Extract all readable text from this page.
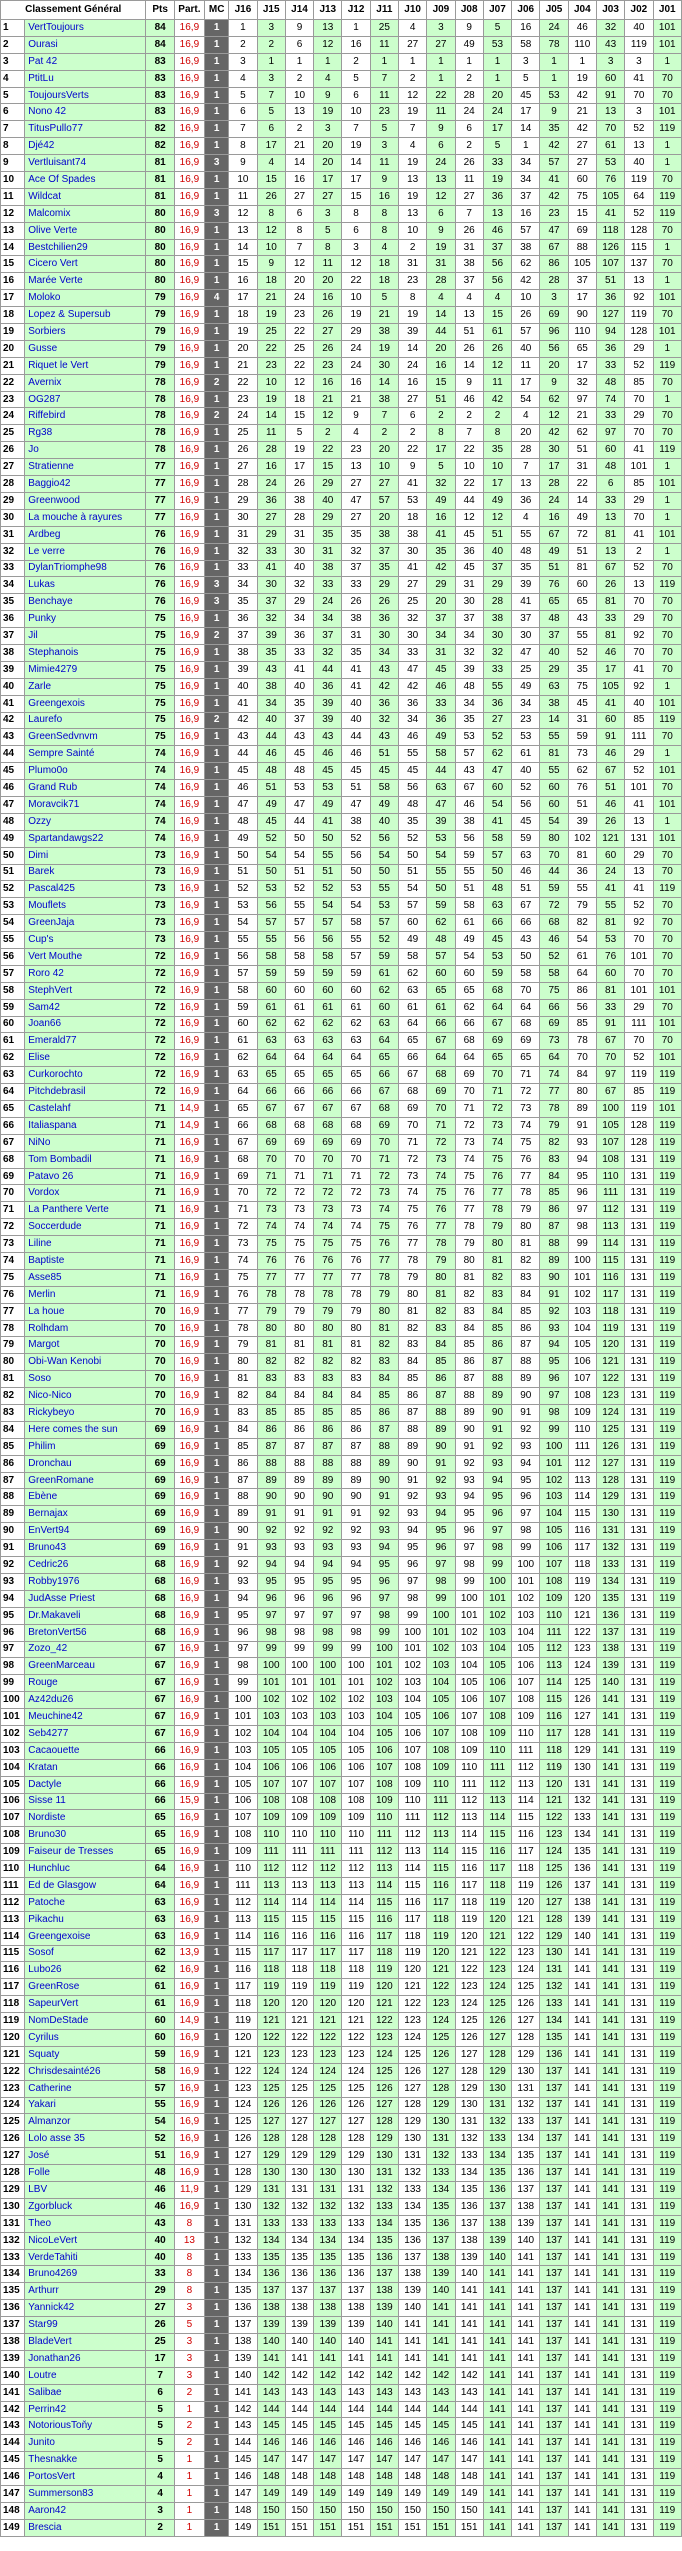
Classement Général		Pts	Part.	MC	J16	J15	J14	J13	J12	J11	J10	J09	J08	J07	J06	J05	J04	J03	J02	J01
1	VertToujours	84	16,9	1	1	3	9	13	1	25	4	3	9	5	16	24	46	32	40	101
2	Ourasi	84	16,9	1	2	2	6	12	16	11	27	27	49	53	58	78	110	43	119	101
3	Pat 42	83	16,9	1	3	1	1	1	2	1	1	1	1	1	3	1	1	3	3	1
4	PtitLu	83	16,9	1	4	3	2	4	5	7	2	1	2	1	5	1	19	60	41	70
5	ToujoursVerts	83	16,9	1	5	7	10	9	6	11	12	22	28	20	45	53	42	91	70	70
6	Nono 42	83	16,9	1	6	5	13	19	10	23	19	11	24	24	17	9	21	13	3	101
7	TitusPullo77	82	16,9	1	7	6	2	3	7	5	7	9	6	17	14	35	42	70	52	119
8	Djé42	82	16,9	1	8	17	21	20	19	3	4	6	2	5	1	42	27	61	13	1
9	Vertluisant74	81	16,9	3	9	4	14	20	14	11	19	24	26	33	34	57	27	53	40	1
10	Ace Of Spades	81	16,9	1	10	15	16	17	17	9	13	13	11	19	34	41	60	76	119	70
11	Wildcat	81	16,9	1	11	26	27	27	15	16	19	12	27	36	37	42	75	105	64	119
12	Malcomix	80	16,9	3	12	8	6	3	8	8	13	6	7	13	16	23	15	41	52	119
13	Olive Verte	80	16,9	1	13	12	8	5	6	8	10	9	26	46	57	47	69	118	128	70
14	Bestchilien29	80	16,9	1	14	10	7	8	3	4	2	19	31	37	38	67	88	126	115	1
15	Cicero Vert	80	16,9	1	15	9	12	11	12	18	31	31	38	56	62	86	105	107	137	70
16	Marée Verte	80	16,9	1	16	18	20	20	22	18	23	28	37	56	42	28	37	51	13	1
17	Moloko	79	16,9	4	17	21	24	16	10	5	8	4	4	4	10	3	17	36	92	101
18	Lopez & Supersub	79	16,9	1	18	19	23	26	19	21	19	14	13	15	26	69	90	127	119	70
19	Sorbiers	79	16,9	1	19	25	22	27	29	38	39	44	51	61	57	96	110	94	128	101
20	Gusse	79	16,9	1	20	22	25	26	24	19	14	20	26	26	40	56	65	36	29	1
21	Riquet le Vert	79	16,9	1	21	23	22	23	24	30	24	16	14	12	11	20	17	33	52	119
22	Avernix	78	16,9	2	22	10	12	16	16	14	16	15	9	11	17	9	32	48	85	70
23	OG287	78	16,9	1	23	19	18	21	21	38	27	51	46	42	54	62	97	74	70	1
24	Riffebird	78	16,9	2	24	14	15	12	9	7	6	2	2	2	4	12	21	33	29	70
25	Rg38	78	16,9	1	25	11	5	2	4	2	2	8	7	8	20	42	62	97	70	70
26	Jo	78	16,9	1	26	28	19	22	23	20	22	17	22	35	28	30	51	60	41	119
27	Stratienne	77	16,9	1	27	16	17	15	13	10	9	5	10	10	7	17	31	48	101	1
28	Baggio42	77	16,9	1	28	24	26	29	27	27	41	32	22	17	13	28	22	6	85	101
29	Greenwood	77	16,9	1	29	36	38	40	47	57	53	49	44	49	36	24	14	33	29	1
30	La mouche à rayures	77	16,9	1	30	27	28	29	27	20	18	16	12	12	4	16	49	13	70	1
31	Ardbeg	76	16,9	1	31	29	31	35	35	38	38	41	45	51	55	67	72	81	41	101
32	Le verre	76	16,9	1	32	33	30	31	32	37	30	35	36	40	48	49	51	13	2	1
33	DylanTriomphe98	76	16,9	1	33	41	40	38	37	35	41	42	45	37	35	51	81	67	52	70
34	Lukas	76	16,9	3	34	30	32	33	33	29	27	29	31	29	39	76	60	26	13	119
35	Benchaye	76	16,9	3	35	37	29	24	26	26	25	20	30	28	41	65	65	81	70	70
36	Punky	75	16,9	1	36	32	34	34	38	36	32	37	37	38	37	48	43	33	29	70
37	Jil	75	16,9	2	37	39	36	37	31	30	30	34	34	30	30	37	55	81	92	70
38	Stephanois	75	16,9	1	38	35	33	32	35	34	33	31	32	32	47	40	52	46	70	70
39	Mimie4279	75	16,9	1	39	43	41	44	41	43	47	45	39	33	25	29	35	17	41	70
40	Zarle	75	16,9	1	40	38	40	36	41	42	42	46	48	55	49	63	75	105	92	1
41	Greengexois	75	16,9	1	41	34	35	39	40	36	36	33	34	36	34	38	45	41	40	101
42	Laurefo	75	16,9	2	42	40	37	39	40	32	34	36	35	27	23	14	31	60	85	119
43	GreenSedvnvm	75	16,9	1	43	44	43	43	44	43	46	49	53	52	53	55	59	91	111	70
44	Sempre Sainté	74	16,9	1	44	46	45	46	46	51	55	58	57	62	61	81	73	46	29	1
45	Plumo0o	74	16,9	1	45	48	48	45	45	45	45	44	43	47	40	55	62	67	52	101
46	Grand Rub	74	16,9	1	46	51	53	53	51	58	56	63	67	60	52	60	76	51	101	70
47	Moravcik71	74	16,9	1	47	49	47	49	47	49	48	47	46	54	56	60	51	46	41	101
48	Ozzy	74	16,9	1	48	45	44	41	38	40	35	39	38	41	45	54	39	26	13	1
49	Spartandawgs22	74	16,9	1	49	52	50	50	52	56	52	53	56	58	59	80	102	121	131	101
50	Dimi	73	16,9	1	50	54	54	55	56	54	50	54	59	57	63	70	81	60	29	70
51	Barek	73	16,9	1	51	50	51	51	50	50	51	55	55	50	46	44	36	24	13	70
52	Pascal425	73	16,9	1	52	53	52	52	53	55	54	50	51	48	51	59	55	41	41	119
53	Mouflets	73	16,9	1	53	56	55	54	54	53	57	59	58	63	67	72	79	55	52	70
54	GreenJaja	73	16,9	1	54	57	57	57	58	57	60	62	61	66	66	68	82	81	92	70
55	Cup's	73	16,9	1	55	55	56	56	55	52	49	48	49	45	43	46	54	53	70	70
56	Vert Mouthe	72	16,9	1	56	58	58	58	57	59	58	57	54	53	50	52	61	76	101	70
57	Roro 42	72	16,9	1	57	59	59	59	59	61	62	60	60	59	58	58	64	60	70	70
58	StephVert	72	16,9	1	58	60	60	60	60	62	63	65	65	68	70	75	86	81	101	101
59	Sam42	72	16,9	1	59	61	61	61	61	60	61	61	62	64	64	66	56	33	29	70
60	Joan66	72	16,9	1	60	62	62	62	62	63	64	66	66	67	68	69	85	91	111	101
61	Emerald77	72	16,9	1	61	63	63	63	63	64	65	67	68	69	69	73	78	67	70	70
62	Elise	72	16,9	1	62	64	64	64	64	65	66	64	64	65	65	64	70	70	52	101
63	Curkorochto	72	16,9	1	63	65	65	65	65	66	67	68	69	70	71	74	84	97	119	119
64	Pitchdebrasil	72	16,9	1	64	66	66	66	66	67	68	69	70	71	72	77	80	67	85	119
65	Castelahf	71	14,9	1	65	67	67	67	67	68	69	70	71	72	73	78	89	100	119	101
66	Italiaspana	71	14,9	1	66	68	68	68	68	69	70	71	72	73	74	79	91	105	128	119
67	NiNo	71	16,9	1	67	69	69	69	69	70	71	72	73	74	75	82	93	107	128	119
68	Tom Bombadil	71	16,9	1	68	70	70	70	70	71	72	73	74	75	76	83	94	108	131	119
69	Patavo 26	71	16,9	1	69	71	71	71	71	72	73	74	75	76	77	84	95	110	131	119
70	Vordox	71	16,9	1	70	72	72	72	72	73	74	75	76	77	78	85	96	111	131	119
71	La Panthere Verte	71	16,9	1	71	73	73	73	73	74	75	76	77	78	79	86	97	112	131	119
72	Soccerdude	71	16,9	1	72	74	74	74	74	75	76	77	78	79	80	87	98	113	131	119
73	Liline	71	16,9	1	73	75	75	75	75	76	77	78	79	80	81	88	99	114	131	119
74	Baptiste	71	16,9	1	74	76	76	76	76	77	78	79	80	81	82	89	100	115	131	119
75	Asse85	71	16,9	1	75	77	77	77	77	78	79	80	81	82	83	90	101	116	131	119
76	Merlin	71	16,9	1	76	78	78	78	78	79	80	81	82	83	84	91	102	117	131	119
77	La houe	70	16,9	1	77	79	79	79	79	80	81	82	83	84	85	92	103	118	131	119
78	Rolhdam	70	16,9	1	78	80	80	80	80	81	82	83	84	85	86	93	104	119	131	119
79	Margot	70	16,9	1	79	81	81	81	81	82	83	84	85	86	87	94	105	120	131	119
80	Obi-Wan Kenobi	70	16,9	1	80	82	82	82	82	83	84	85	86	87	88	95	106	121	131	119
81	Soso	70	16,9	1	81	83	83	83	83	84	85	86	87	88	89	96	107	122	131	119
82	Nico-Nico	70	16,9	1	82	84	84	84	84	85	86	87	88	89	90	97	108	123	131	119
83	Rickybeyo	70	16,9	1	83	85	85	85	85	86	87	88	89	90	91	98	109	124	131	119
84	Here comes the sun	69	16,9	1	84	86	86	86	86	87	88	89	90	91	92	99	110	125	131	119
85	Philim	69	16,9	1	85	87	87	87	87	88	89	90	91	92	93	100	111	126	131	119
86	Dronchau	69	16,9	1	86	88	88	88	88	89	90	91	92	93	94	101	112	127	131	119
87	GreenRomane	69	16,9	1	87	89	89	89	89	90	91	92	93	94	95	102	113	128	131	119
88	Ebène	69	16,9	1	88	90	90	90	90	91	92	93	94	95	96	103	114	129	131	119
89	Bernajax	69	16,9	1	89	91	91	91	91	92	93	94	95	96	97	104	115	130	131	119
90	EnVert94	69	16,9	1	90	92	92	92	92	93	94	95	96	97	98	105	116	131	131	119
91	Bruno43	69	16,9	1	91	93	93	93	93	94	95	96	97	98	99	106	117	132	131	119
92	Cedric26	68	16,9	1	92	94	94	94	94	95	96	97	98	99	100	107	118	133	131	119
93	Robby1976	68	16,9	1	93	95	95	95	95	96	97	98	99	100	101	108	119	134	131	119
94	JudAsse Priest	68	16,9	1	94	96	96	96	96	97	98	99	100	101	102	109	120	135	131	119
95	Dr.Makaveli	68	16,9	1	95	97	97	97	97	98	99	100	101	102	103	110	121	136	131	119
96	BretonVert56	68	16,9	1	96	98	98	98	98	99	100	101	102	103	104	111	122	137	131	119
97	Zozo_42	67	16,9	1	97	99	99	99	99	100	101	102	103	104	105	112	123	138	131	119
98	GreenMarceau	67	16,9	1	98	100	100	100	100	101	102	103	104	105	106	113	124	139	131	119
99	Rouge	67	16,9	1	99	101	101	101	101	102	103	104	105	106	107	114	125	140	131	119
100	Az42du26	67	16,9	1	100	102	102	102	102	103	104	105	106	107	108	115	126	141	131	119
101	Meuchine42	67	16,9	1	101	103	103	103	103	104	105	106	107	108	109	116	127	141	131	119
102	Seb4277	67	16,9	1	102	104	104	104	104	105	106	107	108	109	110	117	128	141	131	119
103	Cacaouette	66	16,9	1	103	105	105	105	105	106	107	108	109	110	111	118	129	141	131	119
104	Kratan	66	16,9	1	104	106	106	106	106	107	108	109	110	111	112	119	130	141	131	119
105	Dactyle	66	16,9	1	105	107	107	107	107	108	109	110	111	112	113	120	131	141	131	119
106	Sisse 11	66	15,9	1	106	108	108	108	108	109	110	111	112	113	114	121	132	141	131	119
107	Nordiste	65	16,9	1	107	109	109	109	109	110	111	112	113	114	115	122	133	141	131	119
108	Bruno30	65	16,9	1	108	110	110	110	110	111	112	113	114	115	116	123	134	141	131	119
109	Faiseur de Tresses	65	16,9	1	109	111	111	111	111	112	113	114	115	116	117	124	135	141	131	119
110	Hunchluc	64	16,9	1	110	112	112	112	112	113	114	115	116	117	118	125	136	141	131	119
111	Ed de Glasgow	64	16,9	1	111	113	113	113	113	114	115	116	117	118	119	126	137	141	131	119
112	Patoche	63	16,9	1	112	114	114	114	114	115	116	117	118	119	120	127	138	141	131	119
113	Pikachu	63	16,9	1	113	115	115	115	115	116	117	118	119	120	121	128	139	141	131	119
114	Greengexoise	63	16,9	1	114	116	116	116	116	117	118	119	120	121	122	129	140	141	131	119
115	Sosof	62	13,9	1	115	117	117	117	117	118	119	120	121	122	123	130	141	141	131	119
116	Lubo26	62	16,9	1	116	118	118	118	118	119	120	121	122	123	124	131	141	141	131	119
117	GreenRose	61	16,9	1	117	119	119	119	119	120	121	122	123	124	125	132	141	141	131	119
118	SapeurVert	61	16,9	1	118	120	120	120	120	121	122	123	124	125	126	133	141	141	131	119
119	NomDeStade	60	14,9	1	119	121	121	121	121	122	123	124	125	126	127	134	141	141	131	119
120	Cyrilus	60	16,9	1	120	122	122	122	122	123	124	125	126	127	128	135	141	141	131	119
121	Squaty	59	16,9	1	121	123	123	123	123	124	125	126	127	128	129	136	141	141	131	119
122	Chrisdesainté26	58	16,9	1	122	124	124	124	124	125	126	127	128	129	130	137	141	141	131	119
123	Catherine	57	16,9	1	123	125	125	125	125	126	127	128	129	130	131	137	141	141	131	119
124	Yakari	55	16,9	1	124	126	126	126	126	127	128	129	130	131	132	137	141	141	131	119
125	Almanzor	54	16,9	1	125	127	127	127	127	128	129	130	131	132	133	137	141	141	131	119
126	Lolo asse 35	52	16,9	1	126	128	128	128	128	129	130	131	132	133	134	137	141	141	131	119
127	José	51	16,9	1	127	129	129	129	129	130	131	132	133	134	135	137	141	141	131	119
128	Folle	48	16,9	1	128	130	130	130	130	131	132	133	134	135	136	137	141	141	131	119
129	LBV	46	11,9	1	129	131	131	131	131	132	133	134	135	136	137	137	141	141	131	119
130	Zgorbluck	46	16,9	1	130	132	132	132	132	133	134	135	136	137	138	137	141	141	131	119
131	Theo	43	8	1	131	133	133	133	133	134	135	136	137	138	139	137	141	141	131	119
132	NicoLeVert	40	13	1	132	134	134	134	134	135	136	137	138	139	140	137	141	141	131	119
133	VerdeTahiti	40	8	1	133	135	135	135	135	136	137	138	139	140	141	137	141	141	131	119
134	Bruno4269	33	8	1	134	136	136	136	136	137	138	139	140	141	141	137	141	141	131	119
135	Arthurr	29	8	1	135	137	137	137	137	138	139	140	141	141	141	137	141	141	131	119
136	Yannick42	27	3	1	136	138	138	138	138	139	140	141	141	141	141	137	141	141	131	119
137	Star99	26	5	1	137	139	139	139	139	140	141	141	141	141	141	137	141	141	131	119
138	BladeVert	25	3	1	138	140	140	140	140	141	141	141	141	141	141	137	141	141	131	119
139	Jonathan26	17	3	1	139	141	141	141	141	141	141	141	141	141	141	137	141	141	131	119
140	Loutre	7	3	1	140	142	142	142	142	142	142	142	142	141	141	137	141	141	131	119
141	Salibae	6	2	1	141	143	143	143	143	143	143	143	143	141	141	137	141	141	131	119
142	Perrin42	5	1	1	142	144	144	144	144	144	144	144	144	141	141	137	141	141	131	119
143	NotoriousToňy	5	2	1	143	145	145	145	145	145	145	145	145	141	141	137	141	141	131	119
144	Junito	5	2	1	144	146	146	146	146	146	146	146	146	141	141	137	141	141	131	119
145	Thesnakke	5	1	1	145	147	147	147	147	147	147	147	147	141	141	137	141	141	131	119
146	PortosVert	4	1	1	146	148	148	148	148	148	148	148	148	141	141	137	141	141	131	119
147	Summerson83	4	1	1	147	149	149	149	149	149	149	149	149	141	141	137	141	141	131	119
148	Aaron42	3	1	1	148	150	150	150	150	150	150	150	150	141	141	137	141	141	131	119
149	Brescia	2	1	1	149	151	151	151	151	151	151	151	151	141	141	137	141	141	131	119
